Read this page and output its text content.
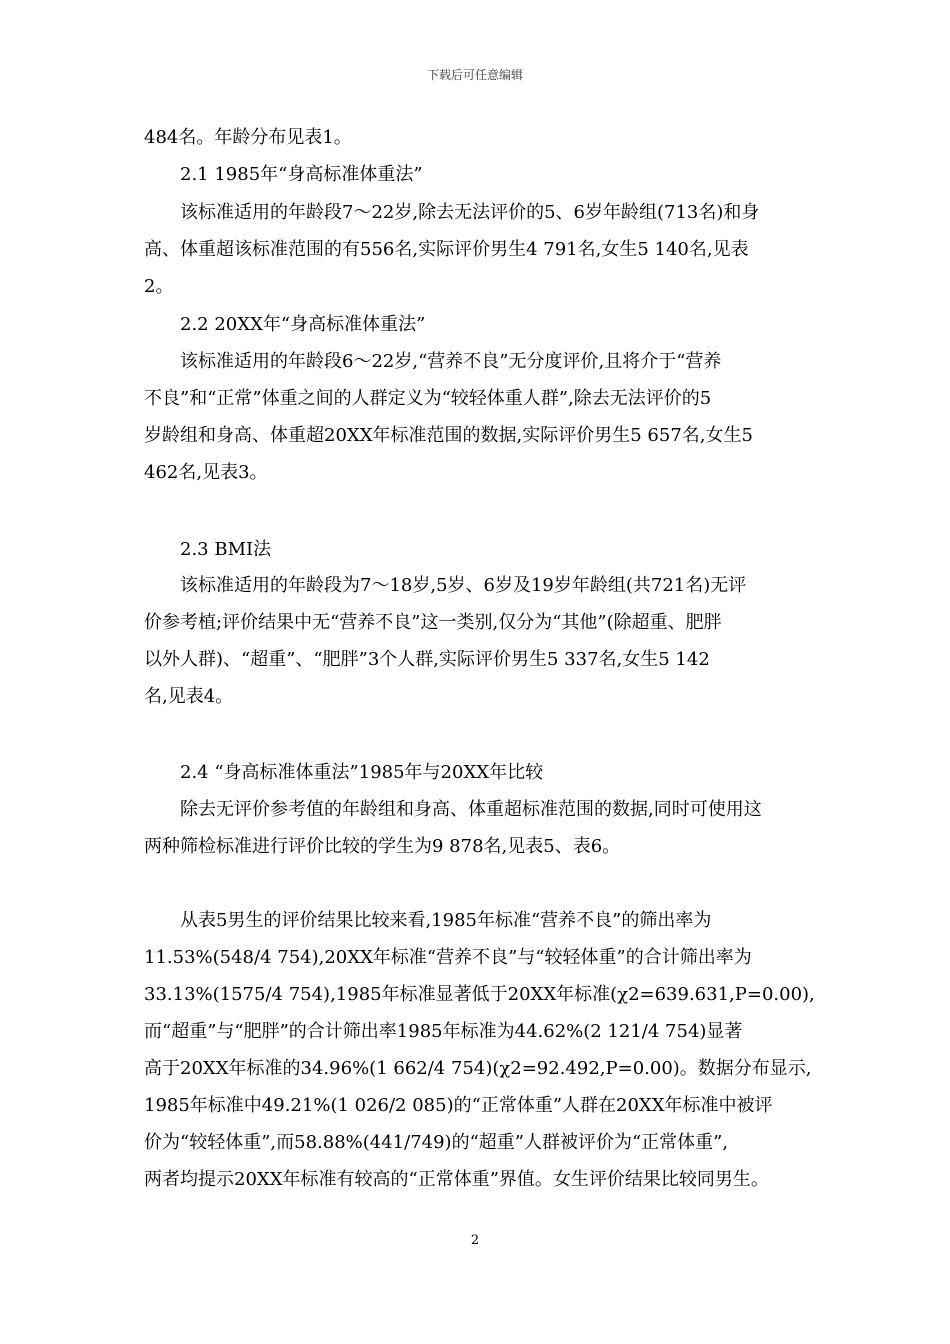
下载后可任意编辑
484名。年龄分布见表1。
2.1 1985年“身高标准体重法”
该标准适用的年龄段7～22岁,除去无法评价的5、6岁年龄组(713名)和身
高、体重超该标准范围的有556名,实际评价男生4 791名,女生5 140名,见表
2。
2.2 20XX年“身高标准体重法”
该标准适用的年龄段6～22岁,“营养不良”无分度评价,且将介于“营养
不良”和“正常”体重之间的人群定义为“较轻体重人群”,除去无法评价的5
岁龄组和身高、体重超20XX年标准范围的数据,实际评价男生5 657名,女生5
462名,见表3。
2.3 BMI法
该标准适用的年龄段为7～18岁,5岁、6岁及19岁年龄组(共721名)无评
价参考植;评价结果中无“营养不良”这一类别,仅分为“其他”(除超重、肥胖
以外人群)、“超重”、“肥胖”3个人群,实际评价男生5 337名,女生5 142
名,见表4。
2.4 “身高标准体重法”1985年与20XX年比较
除去无评价参考值的年龄组和身高、体重超标准范围的数据,同时可使用这
两种筛检标准进行评价比较的学生为9 878名,见表5、表6。
从表5男生的评价结果比较来看,1985年标准“营养不良”的筛出率为
11.53%(548/4 754),20XX年标准“营养不良”与“较轻体重”的合计筛出率为
33.13%(1575/4 754),1985年标准显著低于20XX年标准(χ2=639.631,P=0.00),
而“超重”与“肥胖”的合计筛出率1985年标准为44.62%(2 121/4 754)显著
高于20XX年标准的34.96%(1 662/4 754)(χ2=92.492,P=0.00)。数据分布显示,
1985年标准中49.21%(1 026/2 085)的“正常体重”人群在20XX年标准中被评
价为“较轻体重”,而58.88%(441/749)的“超重”人群被评价为“正常体重”,
两者均提示20XX年标准有较高的“正常体重”界值。女生评价结果比较同男生。
2
